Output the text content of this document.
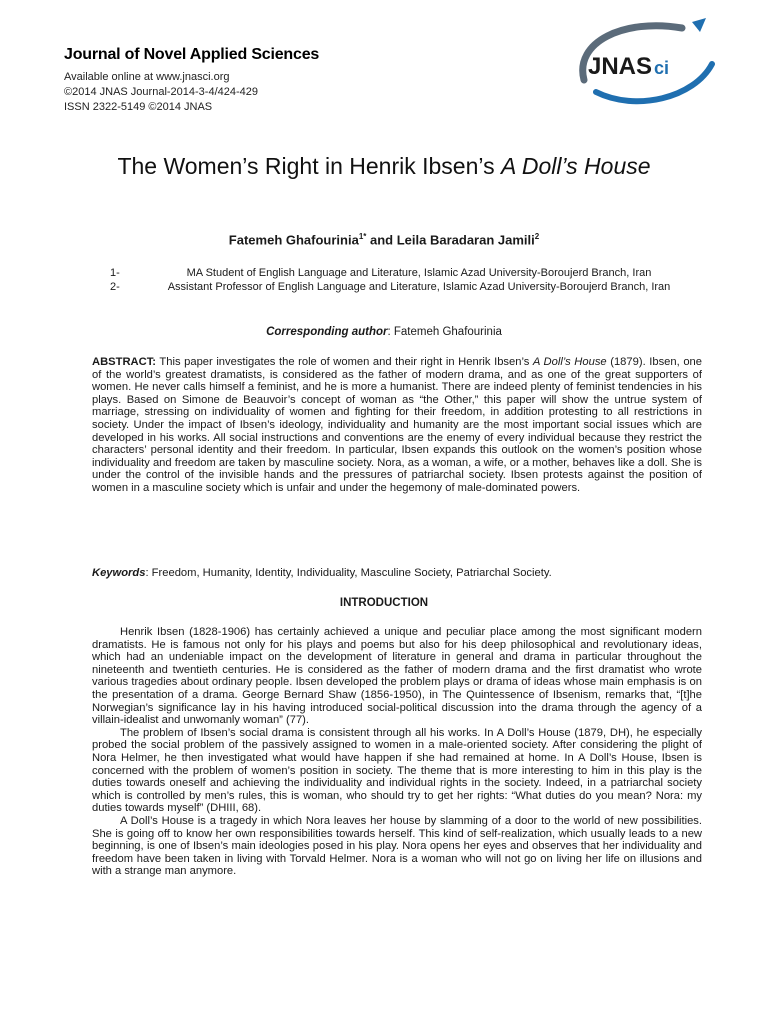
Journal of Novel Applied Sciences
Available online at www.jnasci.org
©2014 JNAS Journal-2014-3-4/424-429
ISSN 2322-5149 ©2014 JNAS
JNAS ci
The Women’s Right in Henrik Ibsen’s A Doll’s House
Fatemeh Ghafourinia$^{1*}$ and Leila Baradaran Jamili$^2$
1-	MA Student of English Language and Literature, Islamic Azad University-Boroujerd Branch, Iran
2-	Assistant Professor of English Language and Literature, Islamic Azad University-Boroujerd Branch, Iran
Corresponding author: Fatemeh Ghafourinia
ABSTRACT: This paper investigates the role of women and their right in Henrik Ibsen’s A Doll’s House (1879). Ibsen, one of the world’s greatest dramatists, is considered as the father of modern drama, and as one of the great supporters of women. He never calls himself a feminist, and he is more a humanist. There are indeed plenty of feminist tendencies in his plays. Based on Simone de Beauvoir’s concept of woman as “the Other,” this paper will show the untrue system of marriage, stressing on individuality of women and fighting for their freedom, in addition protesting to all restrictions in society. Under the impact of Ibsen’s ideology, individuality and humanity are the most important social issues which are developed in his works. All social instructions and conventions are the enemy of every individual because they restrict the characters’ personal identity and their freedom. In particular, Ibsen expands this outlook on the women’s position whose individuality and freedom are taken by masculine society. Nora, as a woman, a wife, or a mother, behaves like a doll. She is under the control of the invisible hands and the pressures of patriarchal society. Ibsen protests against the position of women in a masculine society which is unfair and under the hegemony of male-dominated powers.
Keywords: Freedom, Humanity, Identity, Individuality, Masculine Society, Patriarchal Society.
INTRODUCTION

Henrik Ibsen (1828-1906) has certainly achieved a unique and peculiar place among the most significant modern dramatists. He is famous not only for his plays and poems but also for his deep philosophical and revolutionary ideas, which had an undeniable impact on the development of literature in general and drama in particular throughout the nineteenth and twentieth centuries. He is considered as the father of modern drama and the first dramatist who wrote various tragedies about ordinary people. Ibsen developed the problem plays or drama of ideas whose main emphasis is on the presentation of a drama. George Bernard Shaw (1856-1950), in The Quintessence of Ibsenism, remarks that, “[t]he Norwegian’s significance lay in his having introduced social-political discussion into the drama through the agency of a villain-idealist and unwomanly woman” (77).

The problem of Ibsen’s social drama is consistent through all his works. In A Doll’s House (1879, DH), he especially probed the social problem of the passively assigned to women in a male-oriented society. After considering the plight of Nora Helmer, he then investigated what would have happen if she had remained at home. In A Doll’s House, Ibsen is concerned with the problem of women’s position in society. The theme that is more interesting to him in this play is the duties towards oneself and achieving the individuality and individual rights in the society. Indeed, in a patriarchal society which is controlled by men’s rules, this is woman, who should try to get her rights: “What duties do you mean? Nora: my duties towards myself” (DHIII, 68).

A Doll’s House is a tragedy in which Nora leaves her house by slamming of a door to the world of new possibilities. She is going off to know her own responsibilities towards herself. This kind of self-realization, which usually leads to a new beginning, is one of Ibsen’s main ideologies posed in his play. Nora opens her eyes and observes that her individuality and freedom have been taken in living with Torvald Helmer. Nora is a woman who will not go on living her life on illusions and with a strange man anymore.
